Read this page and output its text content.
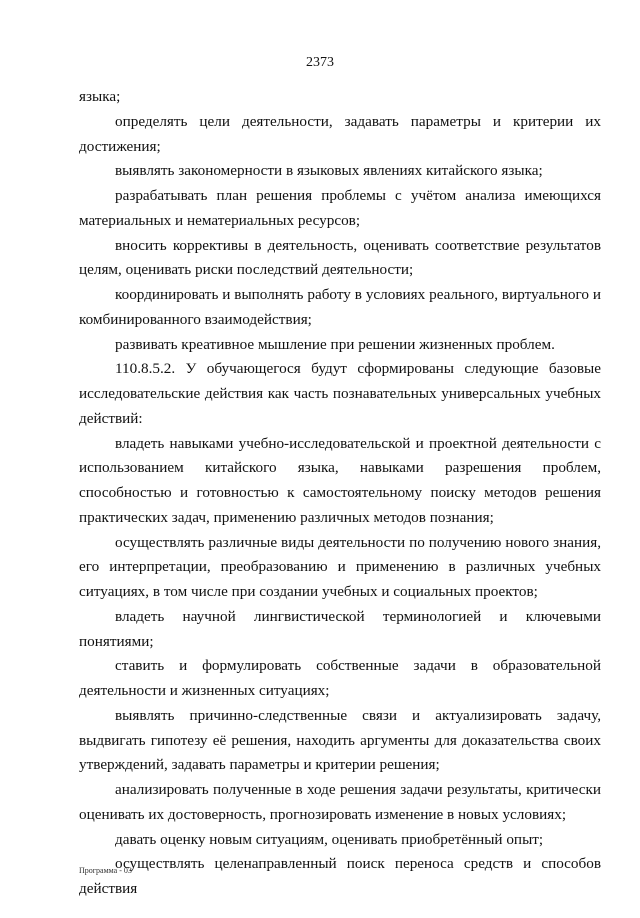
2373

языка;

определять цели деятельности, задавать параметры и критерии их достижения;

выявлять закономерности в языковых явлениях китайского языка;

разрабатывать план решения проблемы с учётом анализа имеющихся материальных и нематериальных ресурсов;

вносить коррективы в деятельность, оценивать соответствие результатов целям, оценивать риски последствий деятельности;

координировать и выполнять работу в условиях реального, виртуального и комбинированного взаимодействия;

развивать креативное мышление при решении жизненных проблем.

110.8.5.2. У обучающегося будут сформированы следующие базовые исследовательские действия как часть познавательных универсальных учебных действий:

владеть навыками учебно-исследовательской и проектной деятельности с использованием китайского языка, навыками разрешения проблем, способностью и готовностью к самостоятельному поиску методов решения практических задач, применению различных методов познания;

осуществлять различные виды деятельности по получению нового знания, его интерпретации, преобразованию и применению в различных учебных ситуациях, в том числе при создании учебных и социальных проектов;

владеть научной лингвистической терминологией и ключевыми понятиями;

ставить и формулировать собственные задачи в образовательной деятельности и жизненных ситуациях;

выявлять причинно-следственные связи и актуализировать задачу, выдвигать гипотезу её решения, находить аргументы для доказательства своих утверждений, задавать параметры и критерии решения;

анализировать полученные в ходе решения задачи результаты, критически оценивать их достоверность, прогнозировать изменение в новых условиях;

давать оценку новым ситуациям, оценивать приобретённый опыт;

осуществлять целенаправленный поиск переноса средств и способов действия

Программа - 03
